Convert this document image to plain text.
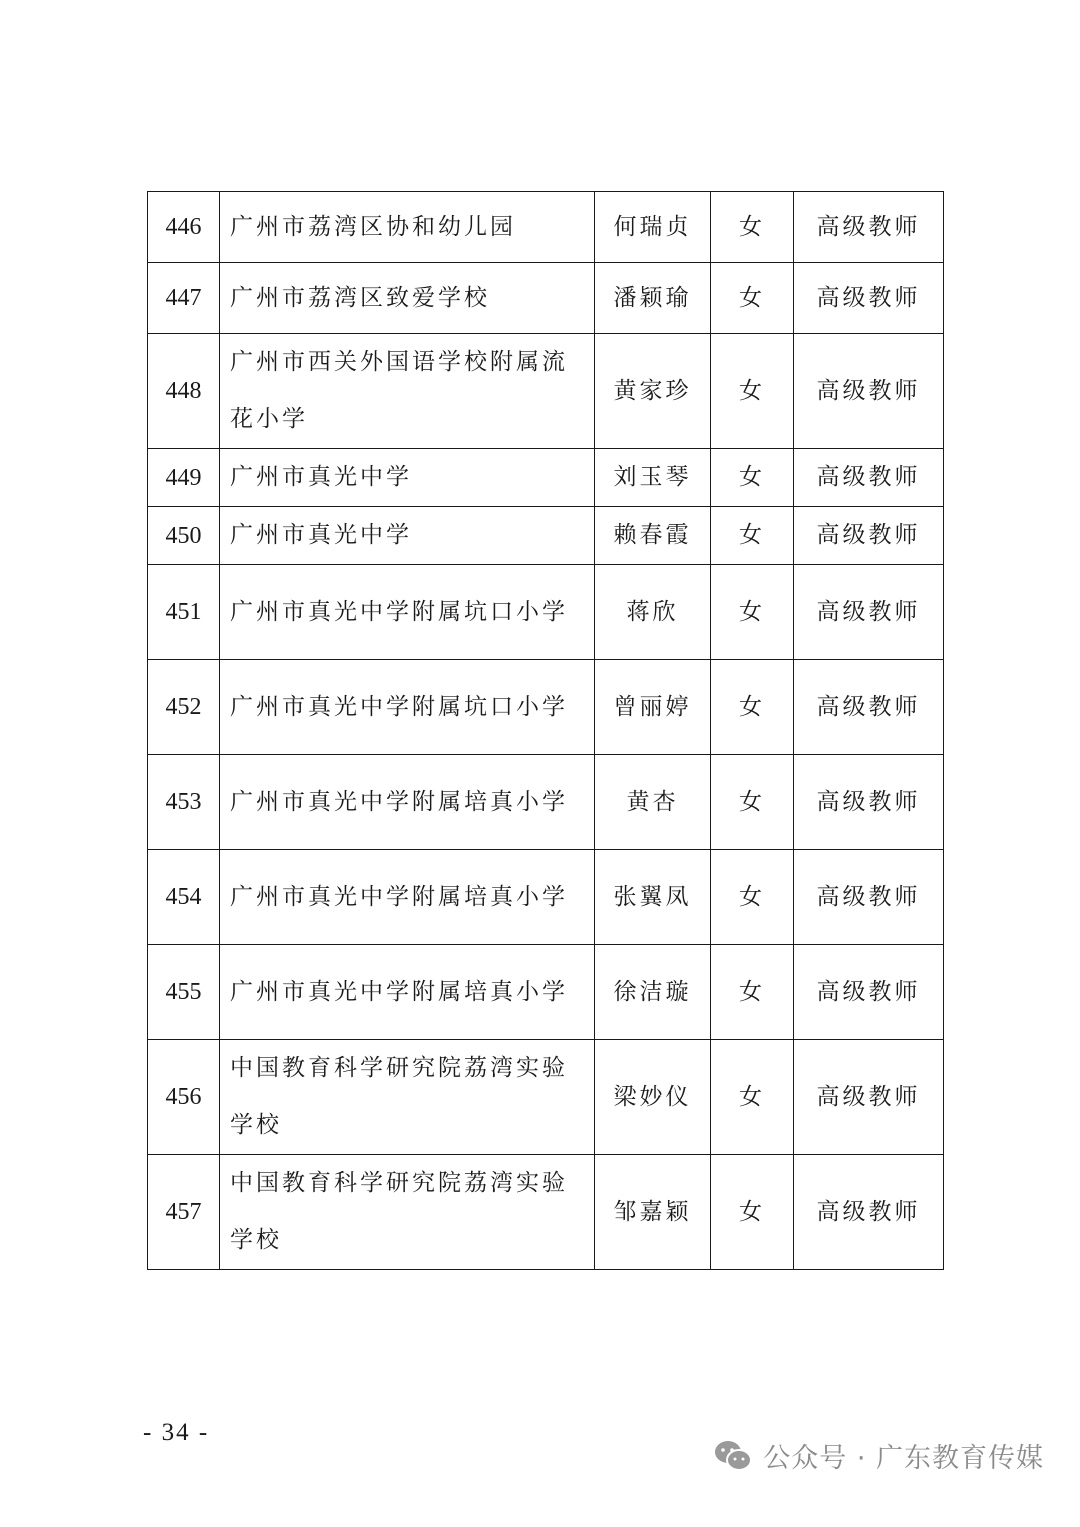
446	广州市荔湾区协和幼儿园	何瑞贞	女	高级教师
447	广州市荔湾区致爱学校	潘颖瑜	女	高级教师
448	广州市西关外国语学校附属流花小学	黄家珍	女	高级教师
449	广州市真光中学	刘玉琴	女	高级教师
450	广州市真光中学	赖春霞	女	高级教师
451	广州市真光中学附属坑口小学	蒋欣	女	高级教师
452	广州市真光中学附属坑口小学	曾丽婷	女	高级教师
453	广州市真光中学附属培真小学	黄杏	女	高级教师
454	广州市真光中学附属培真小学	张翼凤	女	高级教师
455	广州市真光中学附属培真小学	徐洁璇	女	高级教师
456	中国教育科学研究院荔湾实验学校	梁妙仪	女	高级教师
457	中国教育科学研究院荔湾实验学校	邹嘉颖	女	高级教师
- 34 -
公众号 · 广东教育传媒
